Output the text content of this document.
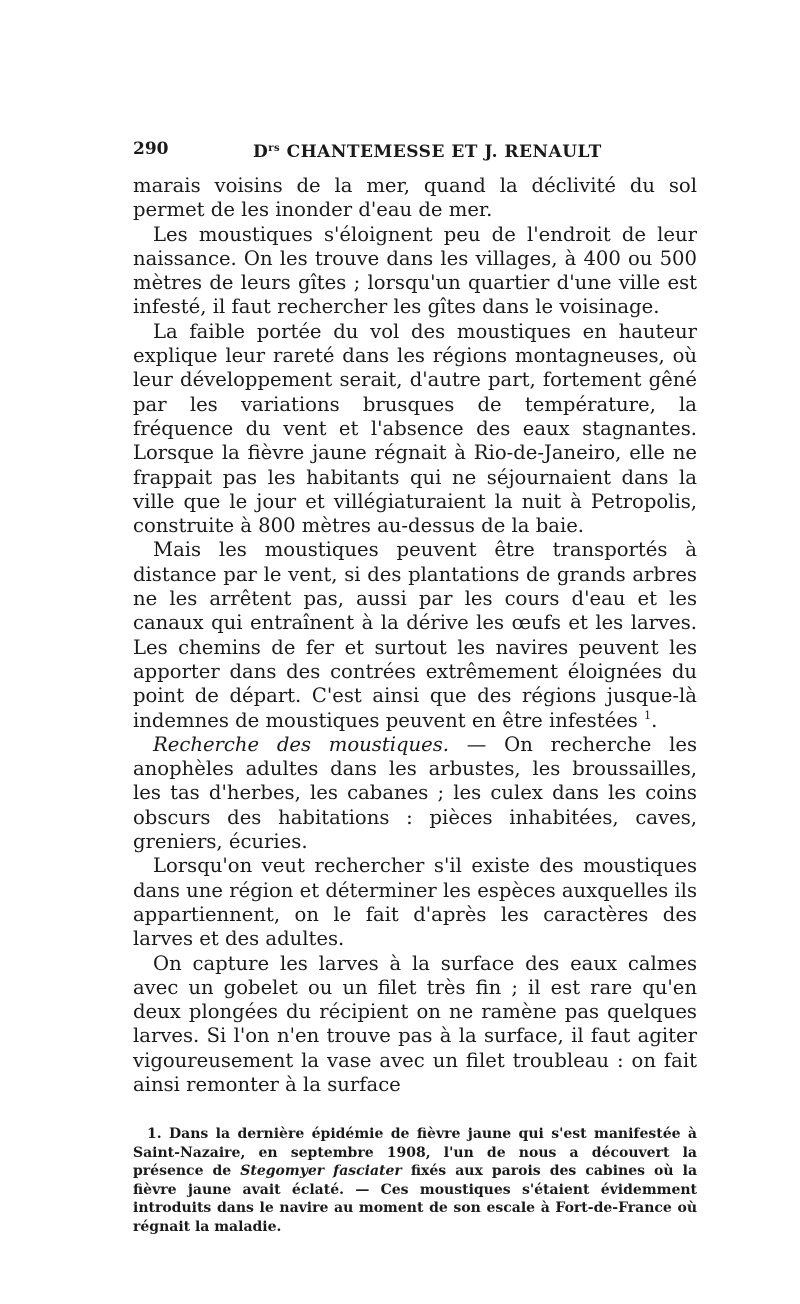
290	$D^{rs}$ CHANTEMESSE ET J. RENAULT

marais voisins de la mer, quand la déclivité du sol permet de les inonder d'eau de mer.

Les moustiques s'éloignent peu de l'endroit de leur naissance. On les trouve dans les villages, à 400 ou 500 mètres de leurs gîtes ; lorsqu'un quartier d'une ville est infesté, il faut rechercher les gîtes dans le voisinage.

La faible portée du vol des moustiques en hauteur explique leur rareté dans les régions montagneuses, où leur développement serait, d'autre part, fortement gêné par les variations brusques de température, la fréquence du vent et l'absence des eaux stagnantes. Lorsque la fièvre jaune régnait à Rio-de-Janeiro, elle ne frappait pas les habitants qui ne séjournaient dans la ville que le jour et villégiaturaient la nuit à Petropolis, construite à 800 mètres au-dessus de la baie.

Mais les moustiques peuvent être transportés à distance par le vent, si des plantations de grands arbres ne les arrêtent pas, aussi par les cours d'eau et les canaux qui entraînent à la dérive les œufs et les larves. Les chemins de fer et surtout les navires peuvent les apporter dans des contrées extrêmement éloignées du point de départ. C'est ainsi que des régions jusque-là indemnes de moustiques peuvent en être infestées $^1$.

Recherche des moustiques. — On recherche les anophèles adultes dans les arbustes, les broussailles, les tas d'herbes, les cabanes ; les culex dans les coins obscurs des habitations : pièces inhabitées, caves, greniers, écuries.

Lorsqu'on veut rechercher s'il existe des moustiques dans une région et déterminer les espèces auxquelles ils appartiennent, on le fait d'après les caractères des larves et des adultes.

On capture les larves à la surface des eaux calmes avec un gobelet ou un filet très fin ; il est rare qu'en deux plongées du récipient on ne ramène pas quelques larves. Si l'on n'en trouve pas à la surface, il faut agiter vigoureusement la vase avec un filet troubleau : on fait ainsi remonter à la surface

1. Dans la dernière épidémie de fièvre jaune qui s'est manifestée à Saint-Nazaire, en septembre 1908, l'un de nous a découvert la présence de Stegomyer fasciater fixés aux parois des cabines où la fièvre jaune avait éclaté. — Ces moustiques s'étaient évidemment introduits dans le navire au moment de son escale à Fort-de-France où régnait la maladie.
